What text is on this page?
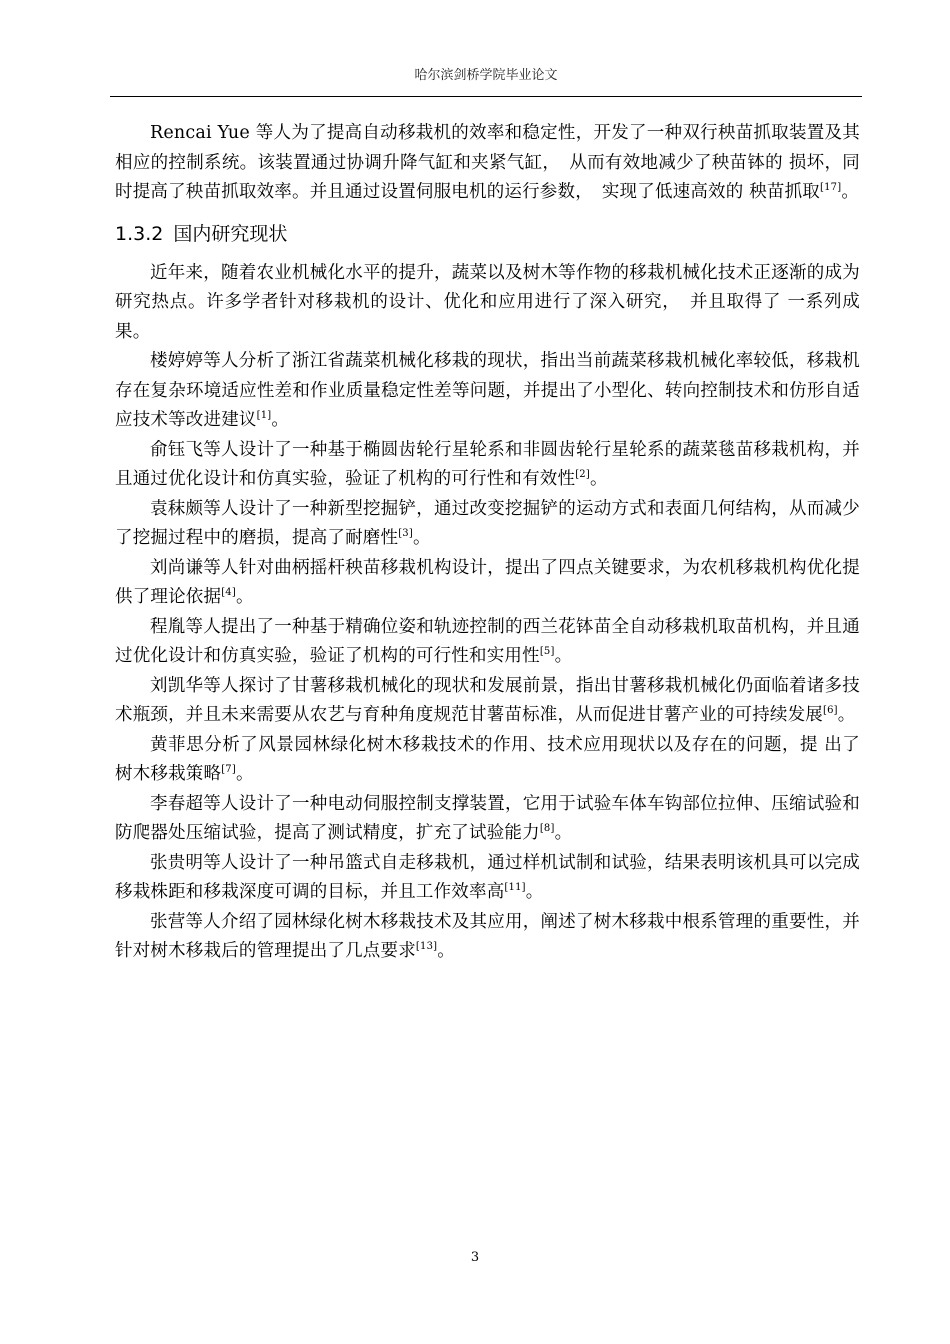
哈尔滨剑桥学院毕业论文

Rencai Yue 等人为了提高自动移栽机的效率和稳定性，开发了一种双行秧苗抓取装置及其相应的控制系统。该装置通过协调升降气缸和夹紧气缸，　从而有效地减少了秧苗钵的 损坏，同时提高了秧苗抓取效率。并且通过设置伺服电机的运行参数，　实现了低速高效的 秧苗抓取[17]。

1.3.2 国内研究现状

近年来，随着农业机械化水平的提升，蔬菜以及树木等作物的移栽机械化技术正逐渐的成为研究热点。许多学者针对移栽机的设计、优化和应用进行了深入研究，　并且取得了 一系列成果。

楼婷婷等人分析了浙江省蔬菜机械化移栽的现状，指出当前蔬菜移栽机械化率较低，移栽机存在复杂环境适应性差和作业质量稳定性差等问题，并提出了小型化、转向控制技术和仿形自适应技术等改进建议[1]。

俞钰飞等人设计了一种基于椭圆齿轮行星轮系和非圆齿轮行星轮系的蔬菜毯苗移栽机构，并且通过优化设计和仿真实验，验证了机构的可行性和有效性[2]。

袁秣颇等人设计了一种新型挖掘铲，通过改变挖掘铲的运动方式和表面几何结构，从而减少了挖掘过程中的磨损，提高了耐磨性[3]。

刘尚谦等人针对曲柄摇杆秧苗移栽机构设计，提出了四点关键要求，为农机移栽机构优化提供了理论依据[4]。

程胤等人提出了一种基于精确位姿和轨迹控制的西兰花钵苗全自动移栽机取苗机构，并且通过优化设计和仿真实验，验证了机构的可行性和实用性[5]。

刘凯华等人探讨了甘薯移栽机械化的现状和发展前景，指出甘薯移栽机械化仍面临着诸多技术瓶颈，并且未来需要从农艺与育种角度规范甘薯苗标准，从而促进甘薯产业的可持续发展[6]。

黄菲思分析了风景园林绿化树木移栽技术的作用、技术应用现状以及存在的问题，提 出了树木移栽策略[7]。

李春超等人设计了一种电动伺服控制支撑装置，它用于试验车体车钩部位拉伸、压缩试验和防爬器处压缩试验，提高了测试精度，扩充了试验能力[8]。

张贵明等人设计了一种吊篮式自走移栽机，通过样机试制和试验，结果表明该机具可以完成移栽株距和移栽深度可调的目标，并且工作效率高[11]。

张营等人介绍了园林绿化树木移栽技术及其应用，阐述了树木移栽中根系管理的重要性，并针对树木移栽后的管理提出了几点要求[13]。

3
